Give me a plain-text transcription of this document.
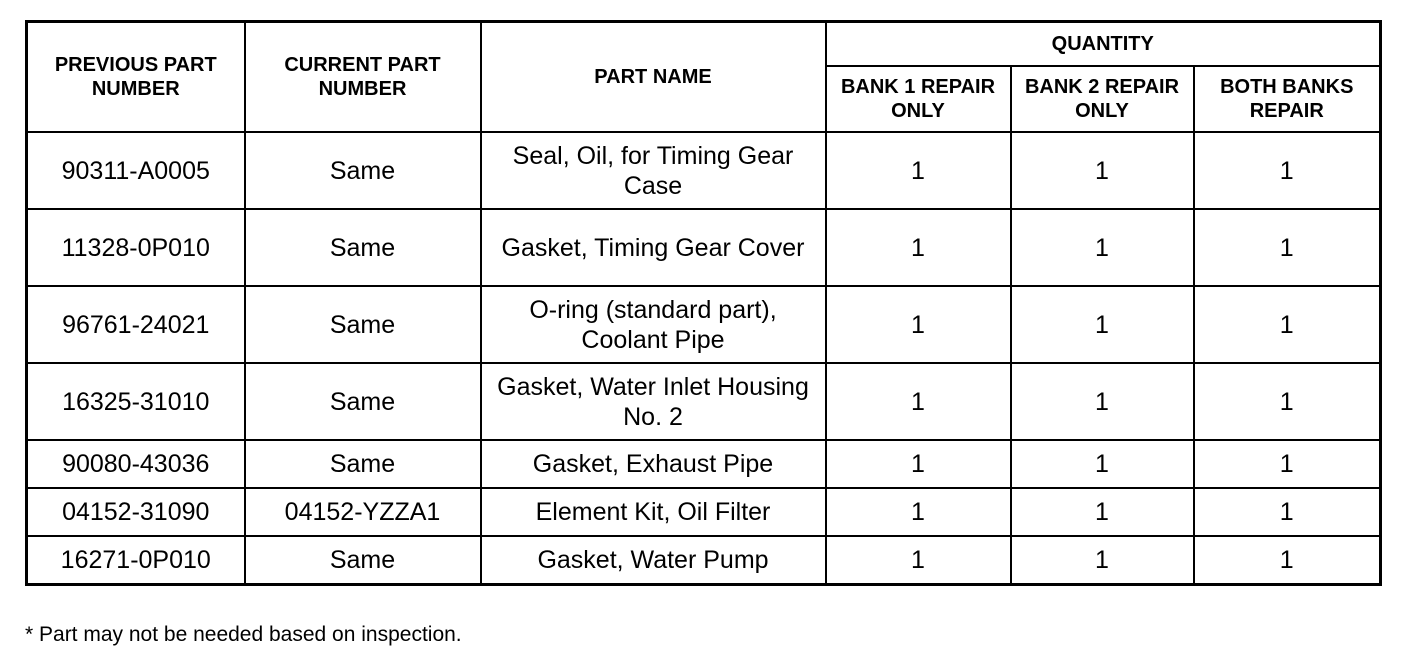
PREVIOUS PART NUMBER	CURRENT PART NUMBER	PART NAME	QUANTITY		
			BANK 1 REPAIR ONLY	BANK 2 REPAIR ONLY	BOTH BANKS REPAIR
90311-A0005	Same	Seal, Oil, for Timing Gear Case	1	1	1
11328-0P010	Same	Gasket, Timing Gear Cover	1	1	1
96761-24021	Same	O-ring (standard part), Coolant Pipe	1	1	1
16325-31010	Same	Gasket, Water Inlet Housing No. 2	1	1	1
90080-43036	Same	Gasket, Exhaust Pipe	1	1	1
04152-31090	04152-YZZA1	Element Kit, Oil Filter	1	1	1
16271-0P010	Same	Gasket, Water Pump	1	1	1
* Part may not be needed based on inspection.
